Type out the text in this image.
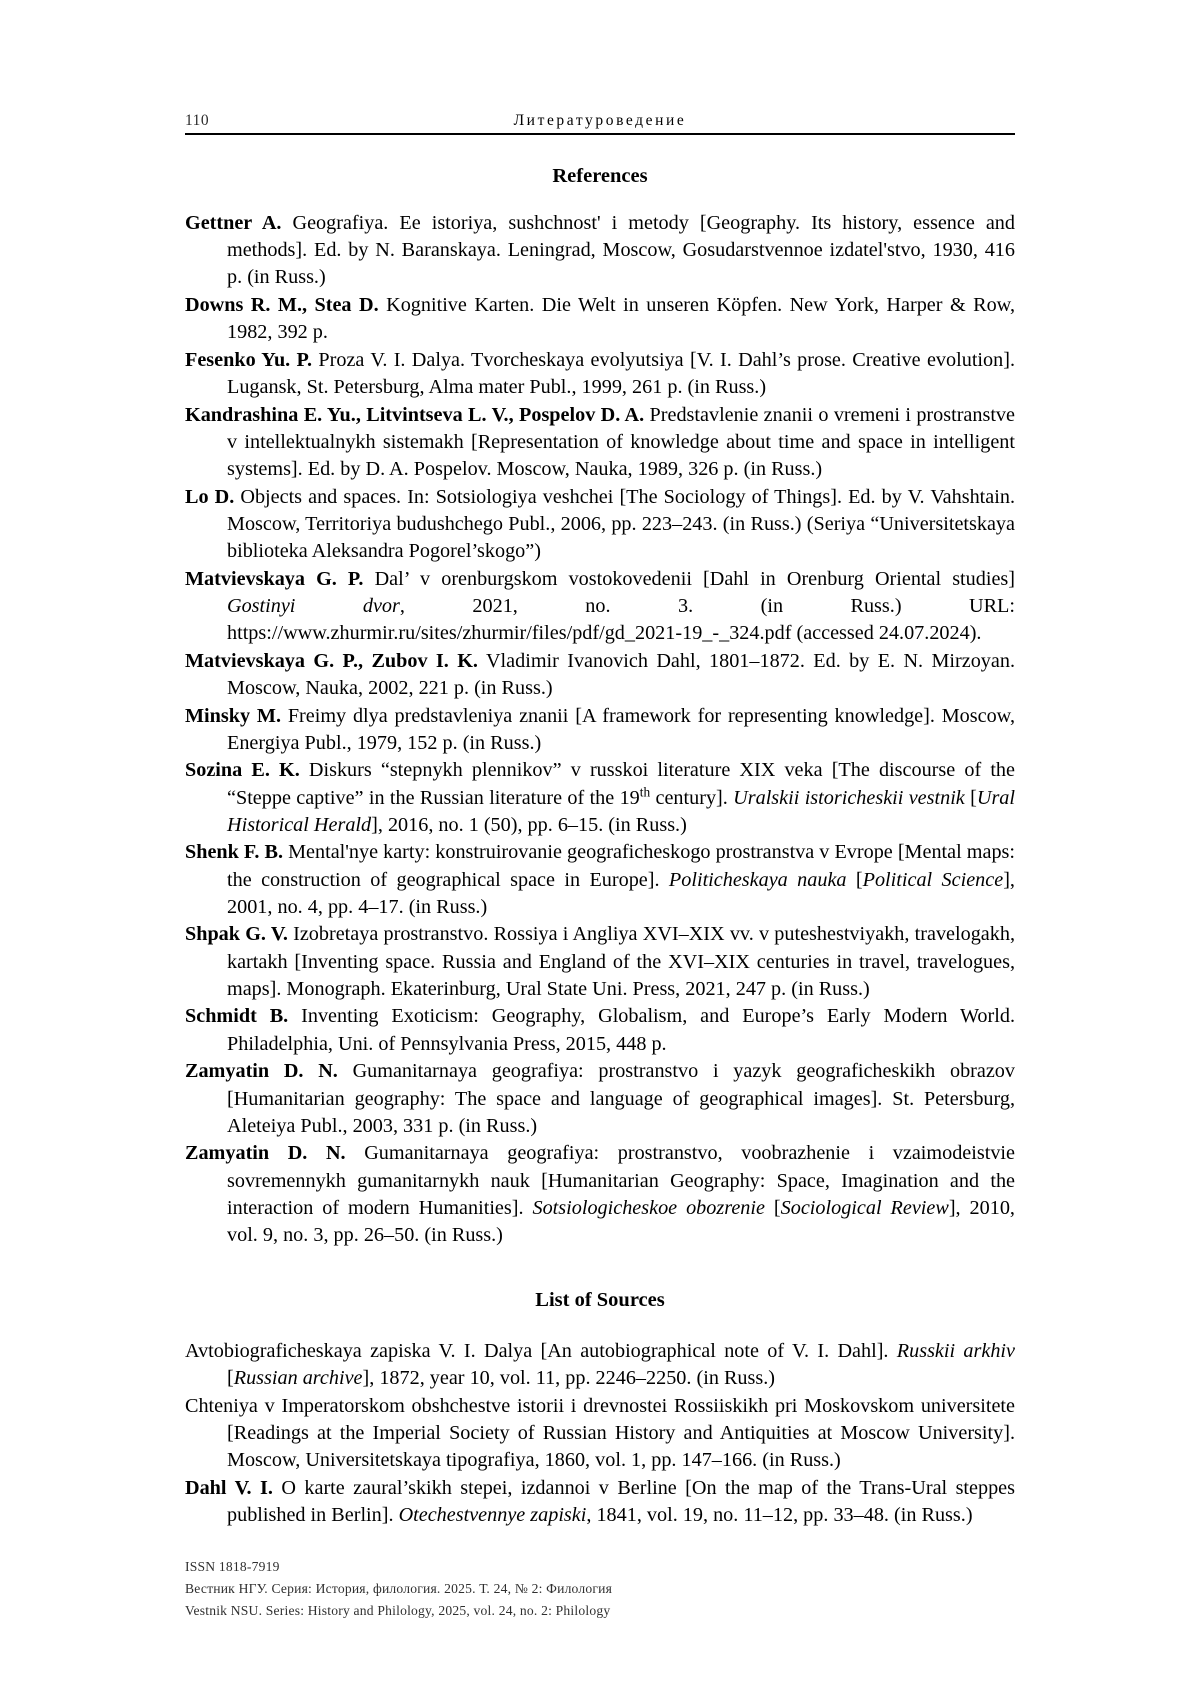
110	Литературоведение
References

Gettner A. Geografiya. Ee istoriya, sushchnost' i metody [Geography. Its history, essence and methods]. Ed. by N. Baranskaya. Leningrad, Moscow, Gosudarstvennoe izdatel'stvo, 1930, 416 p. (in Russ.)

Downs R. M., Stea D. Kognitive Karten. Die Welt in unseren Köpfen. New York, Harper & Row, 1982, 392 p.

Fesenko Yu. P. Proza V. I. Dalya. Tvorcheskaya evolyutsiya [V. I. Dahl’s prose. Creative evolution]. Lugansk, St. Petersburg, Alma mater Publ., 1999, 261 p. (in Russ.)

Kandrashina E. Yu., Litvintseva L. V., Pospelov D. A. Predstavlenie znanii o vremeni i prostranstve v intellektualnykh sistemakh [Representation of knowledge about time and space in intelligent systems]. Ed. by D. A. Pospelov. Moscow, Nauka, 1989, 326 p. (in Russ.)

Lo D. Objects and spaces. In: Sotsiologiya veshchei [The Sociology of Things]. Ed. by V. Vahshtain. Moscow, Territoriya budushchego Publ., 2006, pp. 223–243. (in Russ.) (Seriya “Universitetskaya biblioteka Aleksandra Pogorel’skogo”)

Matvievskaya G. P. Dal’ v orenburgskom vostokovedenii [Dahl in Orenburg Oriental studies] Gostinyi dvor, 2021, no. 3. (in Russ.) URL: https://www.zhurmir.ru/sites/zhurmir/files/pdf/gd_2021-19_-_324.pdf (accessed 24.07.2024).

Matvievskaya G. P., Zubov I. K. Vladimir Ivanovich Dahl, 1801–1872. Ed. by E. N. Mirzoyan. Moscow, Nauka, 2002, 221 p. (in Russ.)

Minsky M. Freimy dlya predstavleniya znanii [A framework for representing knowledge]. Moscow, Energiya Publ., 1979, 152 p. (in Russ.)

Sozina E. K. Diskurs “stepnykh plennikov” v russkoi literature XIX veka [The discourse of the “Steppe captive” in the Russian literature of the 19th century]. Uralskii istoricheskii vestnik [Ural Historical Herald], 2016, no. 1 (50), pp. 6–15. (in Russ.)

Shenk F. B. Mental'nye karty: konstruirovanie geograficheskogo prostranstva v Evrope [Mental maps: the construction of geographical space in Europe]. Politicheskaya nauka [Political Science], 2001, no. 4, pp. 4–17. (in Russ.)

Shpak G. V. Izobretaya prostranstvo. Rossiya i Angliya XVI–XIX vv. v puteshestviyakh, travelogakh, kartakh [Inventing space. Russia and England of the XVI–XIX centuries in travel, travelogues, maps]. Monograph. Ekaterinburg, Ural State Uni. Press, 2021, 247 p. (in Russ.)

Schmidt B. Inventing Exoticism: Geography, Globalism, and Europe’s Early Modern World. Philadelphia, Uni. of Pennsylvania Press, 2015, 448 p.

Zamyatin D. N. Gumanitarnaya geografiya: prostranstvo i yazyk geograficheskikh obrazov [Humanitarian geography: The space and language of geographical images]. St. Petersburg, Aleteiya Publ., 2003, 331 p. (in Russ.)

Zamyatin D. N. Gumanitarnaya geografiya: prostranstvo, voobrazhenie i vzaimodeistvie sovremennykh gumanitarnykh nauk [Humanitarian Geography: Space, Imagination and the interaction of modern Humanities]. Sotsiologicheskoe obozrenie [Sociological Review], 2010, vol. 9, no. 3, pp. 26–50. (in Russ.)

List of Sources

Avtobiograficheskaya zapiska V. I. Dalya [An autobiographical note of V. I. Dahl]. Russkii arkhiv [Russian archive], 1872, year 10, vol. 11, pp. 2246–2250. (in Russ.)

Chteniya v Imperatorskom obshchestve istorii i drevnostei Rossiiskikh pri Moskovskom universitete [Readings at the Imperial Society of Russian History and Antiquities at Moscow University]. Moscow, Universitetskaya tipografiya, 1860, vol. 1, pp. 147–166. (in Russ.)

Dahl V. I. O karte zaural’skikh stepei, izdannoi v Berline [On the map of the Trans-Ural steppes published in Berlin]. Otechestvennye zapiski, 1841, vol. 19, no. 11–12, pp. 33–48. (in Russ.)

ISSN 1818-7919
Вестник НГУ. Серия: История, филология. 2025. Т. 24, № 2: Филология
Vestnik NSU. Series: History and Philology, 2025, vol. 24, no. 2: Philology
